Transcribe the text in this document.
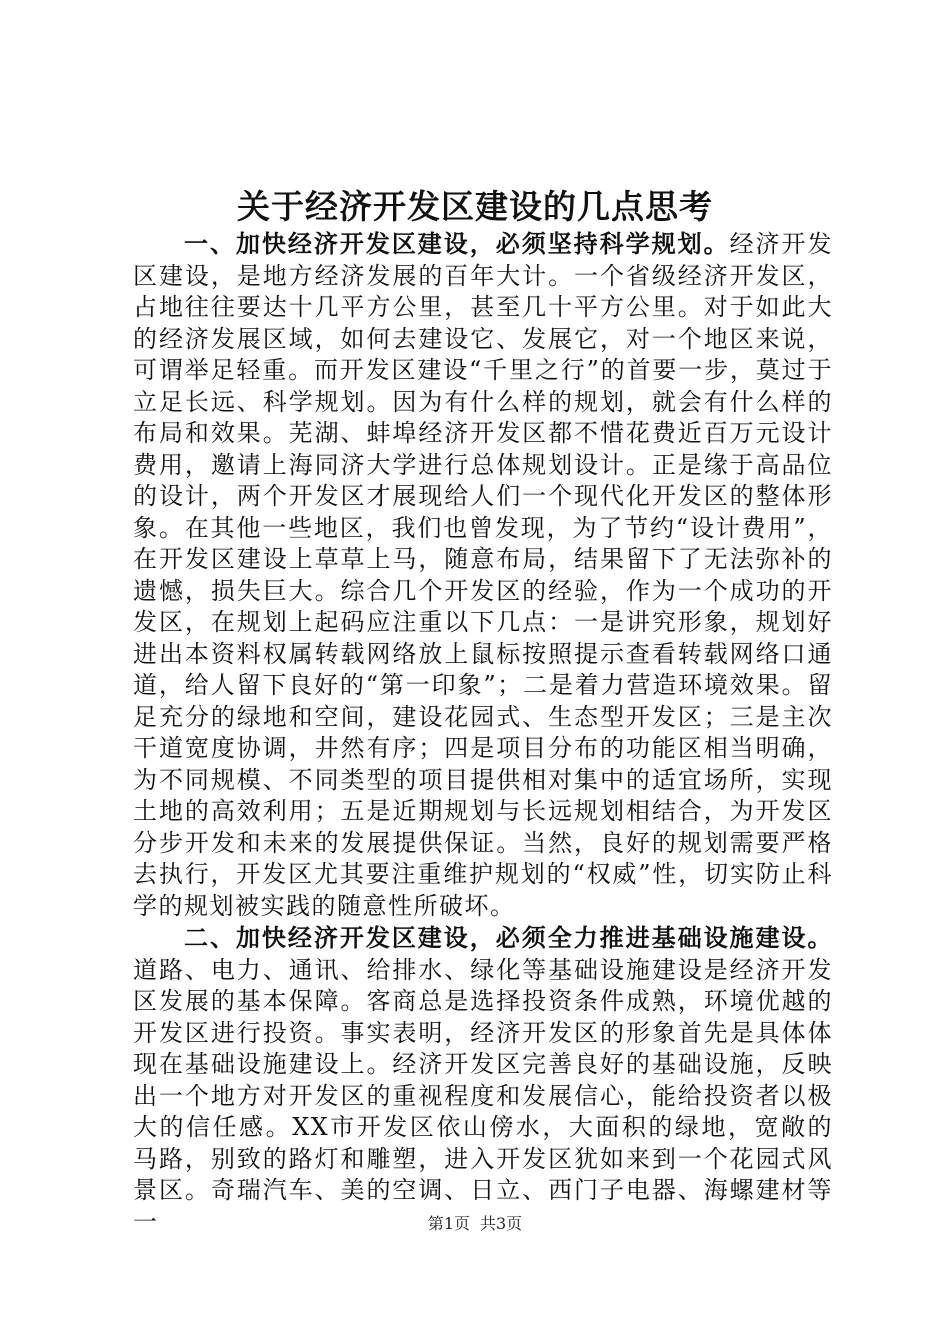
关于经济开发区建设的几点思考

一、加快经济开发区建设，必须坚持科学规划。经济开发区建设，是地方经济发展的百年大计。一个省级经济开发区，占地往往要达十几平方公里，甚至几十平方公里。对于如此大的经济发展区域，如何去建设它、发展它，对一个地区来说，可谓举足轻重。而开发区建设“千里之行”的首要一步，莫过于立足长远、科学规划。因为有什么样的规划，就会有什么样的布局和效果。芜湖、蚌埠经济开发区都不惜花费近百万元设计费用，邀请上海同济大学进行总体规划设计。正是缘于高品位的设计，两个开发区才展现给人们一个现代化开发区的整体形象。在其他一些地区，我们也曾发现，为了节约“设计费用”，在开发区建设上草草上马，随意布局，结果留下了无法弥补的遗憾，损失巨大。综合几个开发区的经验，作为一个成功的开发区，在规划上起码应注重以下几点：一是讲究形象，规划好进出本资料权属转载网络放上鼠标按照提示查看转载网络口通道，给人留下良好的“第一印象”；二是着力营造环境效果。留足充分的绿地和空间，建设花园式、生态型开发区；三是主次干道宽度协调，井然有序；四是项目分布的功能区相当明确，为不同规模、不同类型的项目提供相对集中的适宜场所，实现土地的高效利用；五是近期规划与长远规划相结合，为开发区分步开发和未来的发展提供保证。当然，良好的规划需要严格去执行，开发区尤其要注重维护规划的“权威”性，切实防止科学的规划被实践的随意性所破坏。

二、加快经济开发区建设，必须全力推进基础设施建设。道路、电力、通讯、给排水、绿化等基础设施建设是经济开发区发展的基本保障。客商总是选择投资条件成熟，环境优越的开发区进行投资。事实表明，经济开发区的形象首先是具体体现在基础设施建设上。经济开发区完善良好的基础设施，反映出一个地方对开发区的重视程度和发展信心，能给投资者以极大的信任感。XX市开发区依山傍水，大面积的绿地，宽敞的马路，别致的路灯和雕塑，进入开发区犹如来到一个花园式风景区。奇瑞汽车、美的空调、日立、西门子电器、海螺建材等一	第1页 共3页
